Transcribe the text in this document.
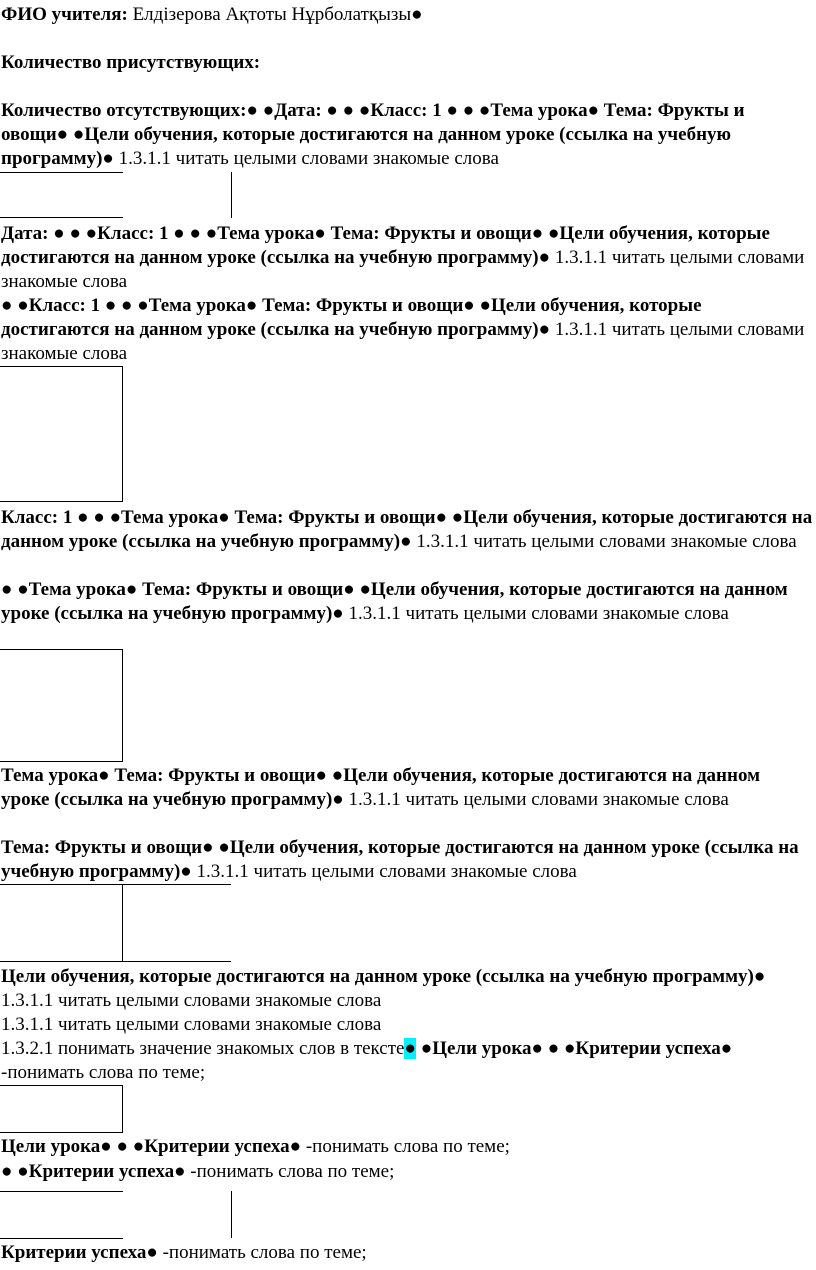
ФИО учителя: Елдізерова Ақтоты Нұрболатқызы●

Количество присутствующих:

Количество отсутствующих:● ●Дата: ● ● ●Класс: 1 ● ● ●Тема урока● Тема: Фрукты и овощи● ●Цели обучения, которые достигаются на данном уроке (ссылка на учебную программу)● 1.3.1.1 читать целыми словами знакомые слова

Дата: ● ● ●Класс: 1 ● ● ●Тема урока● Тема: Фрукты и овощи● ●Цели обучения, которые достигаются на данном уроке (ссылка на учебную программу)● 1.3.1.1 читать целыми словами знакомые слова

● ●Класс: 1 ● ● ●Тема урока● Тема: Фрукты и овощи● ●Цели обучения, которые достигаются на данном уроке (ссылка на учебную программу)● 1.3.1.1 читать целыми словами знакомые слова

Класс: 1 ● ● ●Тема урока● Тема: Фрукты и овощи● ●Цели обучения, которые достигаются на данном уроке (ссылка на учебную программу)● 1.3.1.1 читать целыми словами знакомые слова

● ●Тема урока● Тема: Фрукты и овощи● ●Цели обучения, которые достигаются на данном уроке (ссылка на учебную программу)● 1.3.1.1 читать целыми словами знакомые слова

Тема урока● Тема: Фрукты и овощи● ●Цели обучения, которые достигаются на данном уроке (ссылка на учебную программу)● 1.3.1.1 читать целыми словами знакомые слова

Тема: Фрукты и овощи● ●Цели обучения, которые достигаются на данном уроке (ссылка на учебную программу)● 1.3.1.1 читать целыми словами знакомые слова

Цели обучения, которые достигаются на данном уроке (ссылка на учебную программу)● 1.3.1.1 читать целыми словами знакомые слова

1.3.1.1 читать целыми словами знакомые слова

1.3.2.1 понимать значение знакомых слов в тексте● ●Цели урока● ● ●Критерии успеха● -понимать слова по теме;

Цели урока● ● ●Критерии успеха● -понимать слова по теме;

● ●Критерии успеха● -понимать слова по теме;

Критерии успеха● -понимать слова по теме;
